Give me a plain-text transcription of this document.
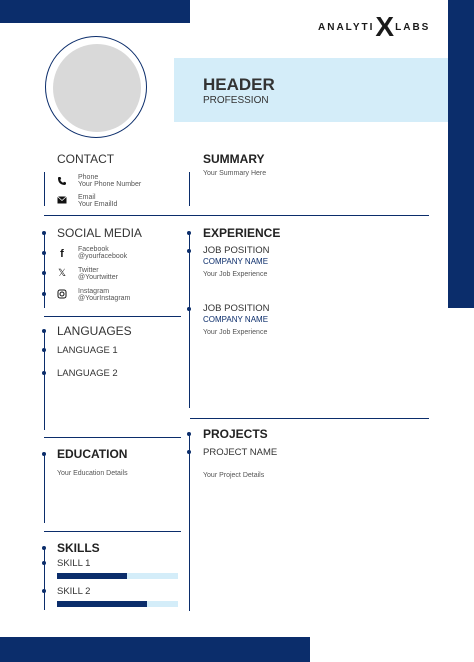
ANALYTI X LABS
HEADER
PROFESSION
CONTACT
Phone
Your Phone Number
Email
Your EmailId
SUMMARY
Your Summary Here
SOCIAL MEDIA
f Facebook
@yourfacebook
𝕏 Twitter
@Yourtwitter
Instagram
@YourInstagram
EXPERIENCE
JOB POSITION
COMPANY NAME
Your Job Experience
JOB POSITION
COMPANY NAME
Your Job Experience
LANGUAGES
LANGUAGE 1
LANGUAGE 2
PROJECTS
PROJECT NAME
Your Project Details
EDUCATION
Your Education Details
SKILLS
SKILL 1
SKILL 2
